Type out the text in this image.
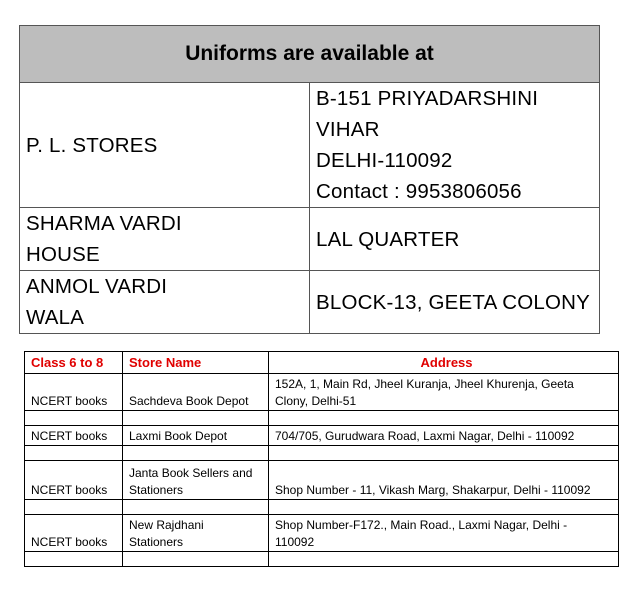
Uniforms are available at	
P. L. STORES	B-151 PRIYADARSHINI VIHAR
DELHI-110092
Contact : 9953806056

SHARMA VARDI
HOUSE	LAL QUARTER

ANMOL VARDI
WALA	BLOCK-13, GEETA COLONY
Class 6 to 8	Store Name	Address
NCERT books	Sachdeva Book Depot	152A, 1, Main Rd, Jheel Kuranja, Jheel Khurenja, Geeta
Clony, Delhi-51

NCERT books	Laxmi Book Depot	704/705, Gurudwara Road, Laxmi Nagar, Delhi - 110092

NCERT books	Janta Book Sellers and
Stationers	Shop Number - 11, Vikash Marg, Shakarpur, Delhi - 110092

NCERT books	New Rajdhani
Stationers	Shop Number-F172., Main Road., Laxmi Nagar, Delhi -
110092
